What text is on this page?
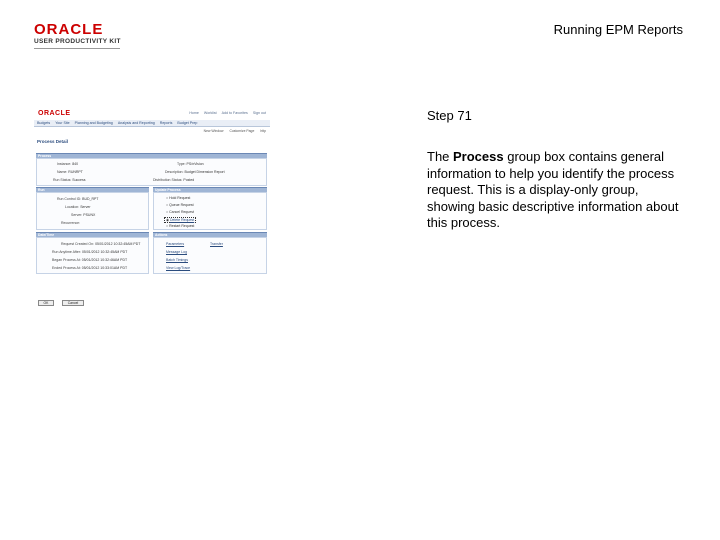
ORACLE
USER PRODUCTIVITY KIT
Running EPM Reports
ORACLE	Home Worklist Add to Favorites Sign out
Budgets Your Site Planning and Budgeting Analysis and Reporting Reports Budget Prep
New Window Customize Page http
Process Detail
Process
Instance: 840	Type: PS/nVision
Name: RUNRPT	Description: Budget Dimension Report
Run Status: Success	Distribution Status: Posted
Run
Run Control ID: BUD_RPT
Location: Server
Server: PSUNX
Recurrence:
Update Process
○ Hold Request
○ Queue Request
○ Cancel Request
◉ Delete Request
○ Restart Request
Date/Time
Request Created On: 05/01/2012 10:32:45AM PDT
Run Anytime After: 05/01/2012 10:32:45AM PDT
Began Process At: 05/01/2012 10:32:46AM PDT
Ended Process At: 05/01/2012 10:33:01AM PDT
Actions
Parameters	Transfer
Message Log
Batch Timings
View Log/Trace
OK	Cancel
Step 71
The Process group box contains general information to help you identify the process request. This is a display-only group, showing basic descriptive information about this process.
